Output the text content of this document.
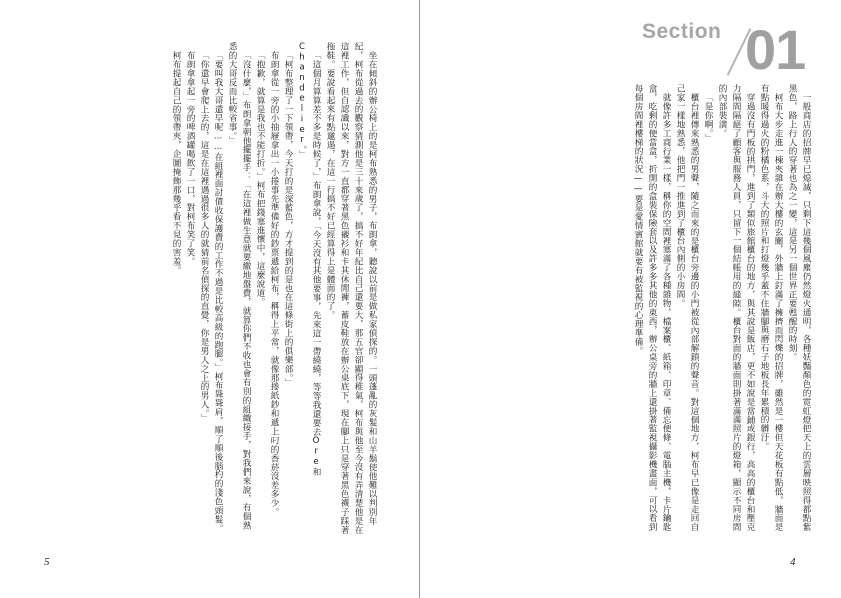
坐在傾斜的辦公椅上的是柯布熟悉的男子，布朗拿，聽說以前是做私家偵探的。一頭蓬亂的灰髮和山羊鬍使他難以判別年紀，柯布從過去的觀察猜測他是三十來歲了，搞不好年紀比自己還要大，那五官卻顯得稚氣，柯布與他至今沒有弄清楚他是在這裡工作，但自認識以來，對方一直都穿著黑色襯衫和卡其休閒褲，蓄皮鞋放在辦公桌底下，現在腳上只是穿著黑色襪子踩著拖鞋。要說看起來有點邋遢，在這一行搞不好已經算得上是體面的了。

「這個月算算差不多是時候了，」布朗拿說，「今天沒有其他要事，先來這一帶繞繞，等等我還要去Ore和Chandelier。」

「柯布整理了一下領帶，今天打的是深藍色，方才提到的是也在這條街上的俱樂部。」

布朗拿從一旁的小抽屜拿出一小捲事先準備好的鈔票遞給柯布，稱得上平常，就像那捲紙鈔和遞上叼的香菸沒差多少。

「抱歉，就算是我也不能打折。」柯布把錢塞進懷中，這麼說道。

「沒什麼，」布朗拿朝他擺擺手：「在這裡做生意就要繳地盤費，就算你們不收也會有別的組織接手，對我們來說，有個熟悉的大哥反而比較省事。」

「要叫我大哥還早呢……在組裡面討債收保護費的工作不過是比較高級的跑腿。」柯布聳聳肩，順了順後腦杓的淺色頭髮。

「你還早會爬上去的，這是在這裡遇過很多人的就猜前名偵探的直覺，你是男人之上的男人。」

布朗拿拿起一旁的啤酒罐喝飲了一口，對柯布笑了笑。

柯布提起自己的領帶夾，企圖掩飾那幾乎看不見的害羞。

5
Section 01

一般商店的招牌早已熄滅，只剩下這幾個風塵仍然燈火通明，各種妖豔顏色的霓虹燈把天上的雲層映照得都點紫黑色，路上行人的穿著也為之一變，這是另一個世界正要甦醒的時刻。

柯布大步走進一棟夾雜在辦大樓的玄關，外牆上釘滿了擁擠而閃爍的招牌，雖然是一樓但天花板有點低，牆面是有點暖得過火的粉橘色系，斗大的照片和打燈幾乎蓋不住牆腳與磨石子地板長年累積的髒汙。

穿過沒有門板的拱門，進到了類似旅館櫃台的地方，與其說是飯店，更不如說是當鋪或銀行，高高的櫃台和壓克力隔間隔絕了顧客與服務人員，只留下一個結帳用的縫隙。櫃台對面的牆面則掛著滿滿照片的燈箱，顯示不同房間的內部裝潢。

「是你啊。」

櫃台裡傳來熟悉的男聲，隨之而來的是櫃台旁邊的小門被從內部解鎖的聲音。對這個地方，柯布早已像是走回自己家一樣地熟悉，他把門一推進到了櫃台內側的小房間。

就像許多工商行業一樣，稱你的空間裡塞滿了各種雜物，檔案櫃、紙箱、印章、備忘便條、電腦主機，卡片鑰匙盒，吃剩的便當盒，折開的盒裝保險套以及許多多其他的東西，辦公桌旁的牆上還掛著監視攝影機畫面，可以看到每個房間裡樓梯的狀況——要是愛情賓館就要有被監視的心理準備。

4
